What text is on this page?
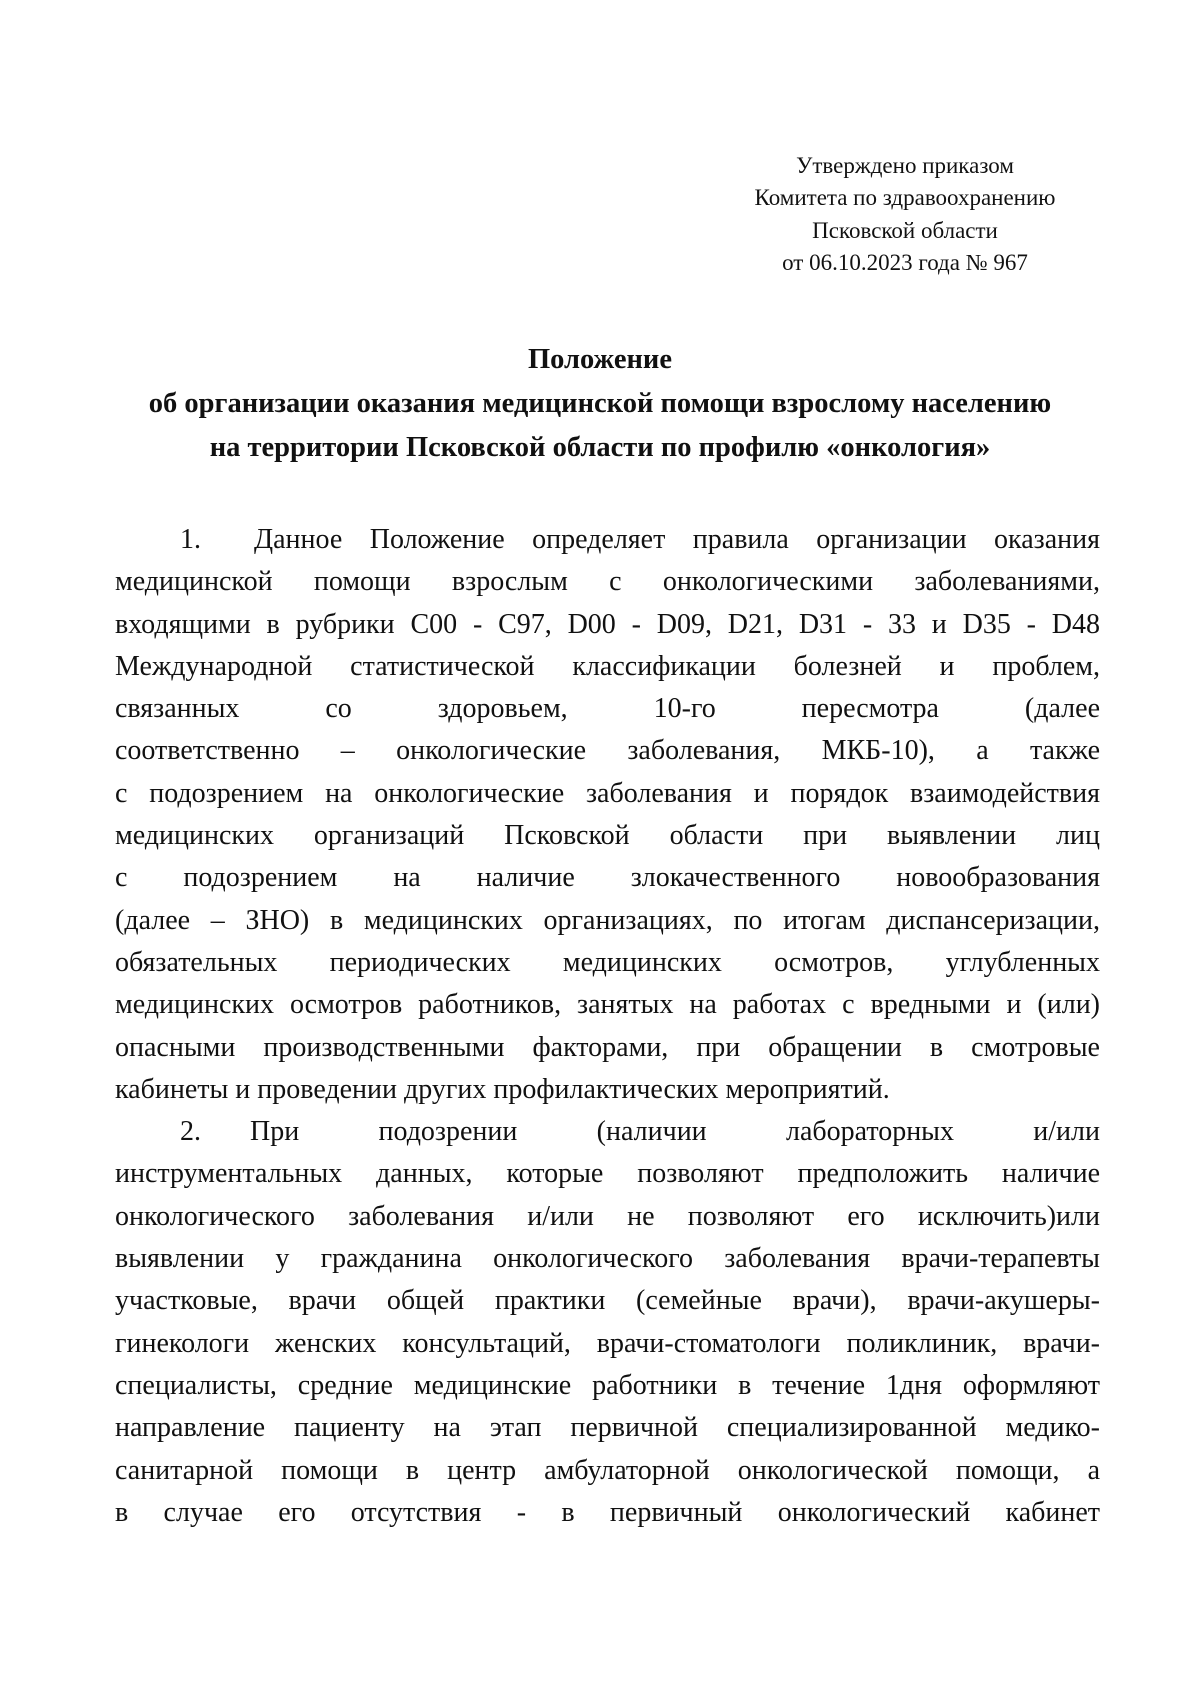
Утверждено приказом
Комитета по здравоохранению
Псковской области
от 06.10.2023 года № 967
Положение
об организации оказания медицинской помощи взрослому населению
на территории Псковской области по профилю «онкология»
1. Данное Положение определяет правила организации оказания
медицинской помощи взрослым с онкологическими заболеваниями,
входящими в рубрики С00 - С97, D00 - D09, D21, D31 - 33 и D35 - D48
Международной статистической классификации болезней и проблем,
связанных со здоровьем, 10-го пересмотра (далее
соответственно – онкологические заболевания, МКБ-10), а также
с подозрением на онкологические заболевания и порядок взаимодействия
медицинских организаций Псковской области при выявлении лиц
с подозрением на наличие злокачественного новообразования
(далее – ЗНО) в медицинских организациях, по итогам диспансеризации,
обязательных периодических медицинских осмотров, углубленных
медицинских осмотров работников, занятых на работах с вредными и (или)
опасными производственными факторами, при обращении в смотровые
кабинеты и проведении других профилактических мероприятий.
2. При подозрении (наличии лабораторных и/или
инструментальных данных, которые позволяют предположить наличие
онкологического заболевания и/или не позволяют его исключить)или
выявлении у гражданина онкологического заболевания врачи-терапевты
участковые, врачи общей практики (семейные врачи), врачи-акушеры-
гинекологи женских консультаций, врачи-стоматологи поликлиник, врачи-
специалисты, средние медицинские работники в течение 1дня оформляют
направление пациенту на этап первичной специализированной медико-
санитарной помощи в центр амбулаторной онкологической помощи, а
в случае его отсутствия - в первичный онкологический кабинет
